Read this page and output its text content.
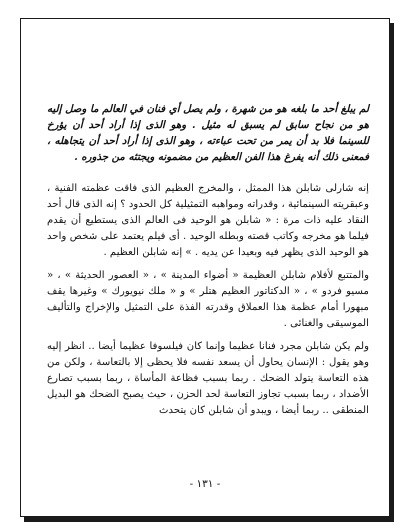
لم يبلغ أحد ما بلغه هو من شهرة ، ولم يصل أي فنان في العالم ما وصل إليه هو من نجاح سابق لم يسبق له مثيل . وهو الذى إذا أراد أحد أن يؤرخ للسينما فلا بد أن يمر من تحت عباءته ، وهو الذى إذا أراد أحد أن يتجاهله ، فمعنى ذلك أنه يفرغ هذا الفن العظيم من مضمونه ويجتثه من جذوره .

إنه شارلى شابلن هذا الممثل ، والمخرج العظيم الذى فاقت عظمته الفنية ، وعبقريته السينمائية ، وقدراته ومواهبه التمثيلية كل الحدود ؟ إنه الذى قال أحد النقاد عليه ذات مرة : « شابلن هو الوحيد فى العالم الذى يستطيع أن يقدم فيلما هو مخرجه وكاتب قصته وبطله الوحيد . أى فيلم يعتمد على شخص واحد هو الوحيد الذى يظهر فيه وبعيدا عن يديه . » إنه شابلن العظيم .

والمتتبع لأفلام شابلن العظيمة « أضواء المدينة » ، « العصور الحديثة » ، « مسيو فردو » ، « الدكتاتور العظيم هتلر » و « ملك نيويورك » وغيرها يقف مبهورا أمام عظمة هذا العملاق وقدرته الفذة على التمثيل والإخراج والتأليف الموسيقى والغنائى .

ولم يكن شابلن مجرد فنانا عظيما وإنما كان فيلسوفا عظيما أيضا .. انظر إليه وهو يقول : الإنسان يحاول أن يسعد نفسه فلا يحظى إلا بالتعاسة ، ولكن من هذه التعاسة يتولد الضحك . ربما بسبب فظاعة المأساة ، ربما بسبب تصارع الأضداد ، ربما بسبب تجاوز التعاسة لحد الحزن ، حيث يصبح الضحك هو البديل المنطقى .. ربما أيضا ، ويبدو أن شابلن كان يتحدث

- ١٣١ -
